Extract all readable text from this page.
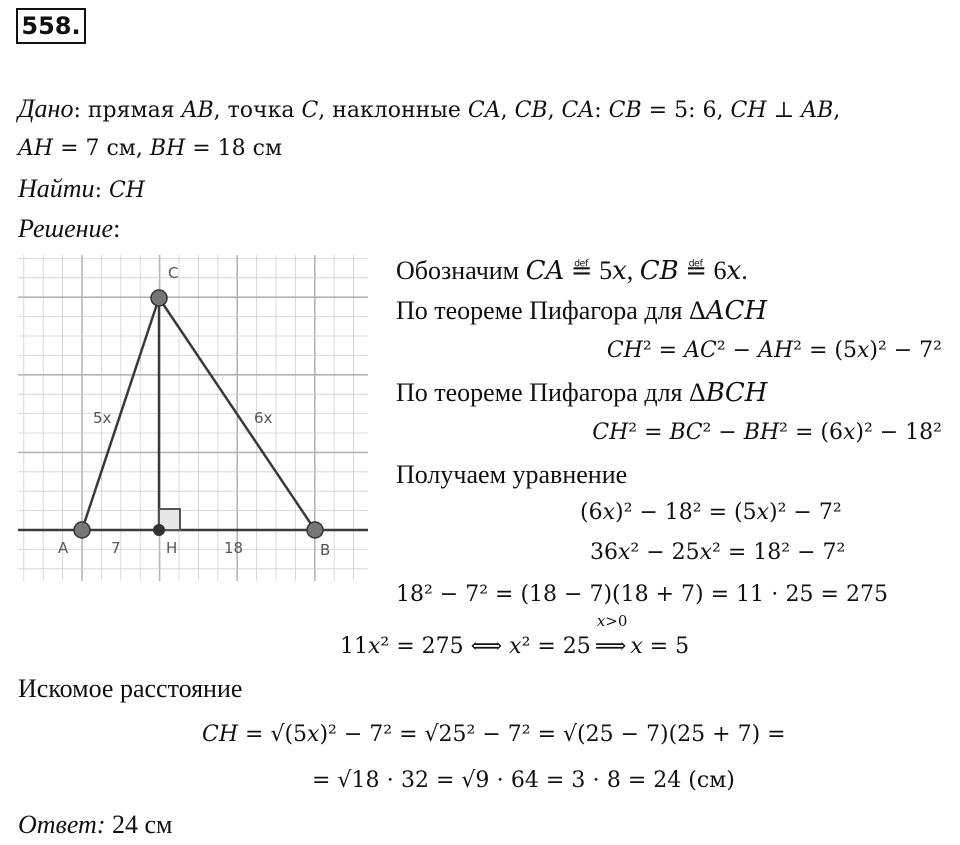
558.
Дано: прямая 𝐴𝐵, точка 𝐶, наклонные 𝐶𝐴, 𝐶𝐵, 𝐶𝐴: 𝐶𝐵 = 5: 6, 𝐶𝐻 ⊥ 𝐴𝐵,
𝐴𝐻 = 7 см, 𝐵𝐻 = 18 см
Найти: 𝐶𝐻
Решение:
C
A	H	B
5x	6x
7	18
Обозначим 𝐶𝐴 ≝ 5𝑥, 𝐶𝐵 ≝ 6𝑥.
По теореме Пифагора для Δ𝐴𝐶𝐻
𝐶𝐻² = 𝐴𝐶² − 𝐴𝐻² = (5𝑥)² − 7²
По теореме Пифагора для Δ𝐵𝐶𝐻
𝐶𝐻² = 𝐵𝐶² − 𝐵𝐻² = (6𝑥)² − 18²
Получаем уравнение
(6𝑥)² − 18² = (5𝑥)² − 7²
36𝑥² − 25𝑥² = 18² − 7²
18² − 7² = (18 − 7)(18 + 7) = 11 ⋅ 25 = 275
11𝑥² = 275 ⟺ 𝑥² = 25
𝑥>0
⟹ 𝑥 = 5
Искомое расстояние
𝐶𝐻 = √(5𝑥)² − 7² = √25² − 7² = √(25 − 7)(25 + 7) =
= √18 ⋅ 32 = √9 ⋅ 64 = 3 ⋅ 8 = 24 (см)
Ответ: 24 см
